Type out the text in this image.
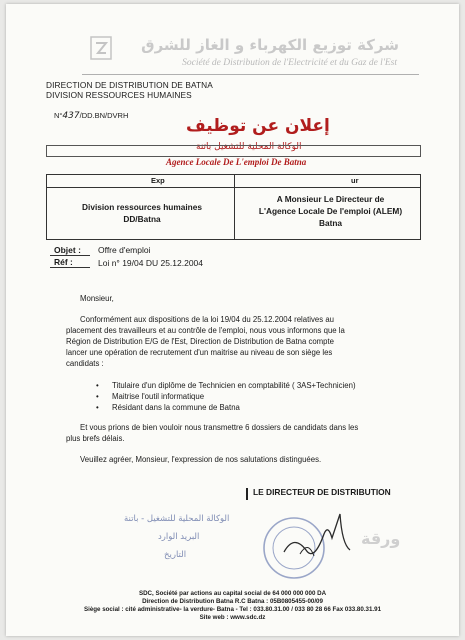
شركة توزيع الكهرباء و الغاز للشرق
Société de Distribution de l'Electricité et du Gaz de l'Est
DIRECTION DE DISTRIBUTION DE BATNA
DIVISION RESSOURCES HUMAINES
N°437/DD.BN/DVRH
إعلان عن توظيف
الوكالة المحلية للتشغيل باتنة
Agence Locale De L'emploi De Batna
Exp	ur
Division ressources humaines
DD/Batna
A Monsieur Le Directeur de
L'Agence Locale De l'emploi (ALEM)
Batna
Objet : Offre d'emploi
Réf :	Loi n° 19/04 DU 25.12.2004
Monsieur,
Conformément aux dispositions de la loi 19/04 du 25.12.2004 relatives au
placement des travailleurs et au contrôle de l'emploi, nous vous informons que la
Région de Distribution E/G de l'Est, Direction de Distribution de Batna compte
lancer une opération de recrutement d'un maitrise au niveau de son siège les
candidats :
• Titulaire d'un diplôme de Technicien en comptabilité ( 3AS+Technicien)
• Maitrise l'outil informatique
• Résidant dans la commune de Batna
Et vous prions de bien vouloir nous transmettre 6 dossiers de candidats dans les
plus brefs délais.
Veuillez agréer, Monsieur, l'expression de nos salutations distinguées.
LE DIRECTEUR DE DISTRIBUTION
الوكالة المحلية للتشغيل - باتنة
البريد الوارد
التاريخ
ورقة
SDC, Société par actions au capital social de 64 000 000 000 DA
Direction de Distribution Batna R.C Batna : 05B0805455-00/09
Siège social : cité administrative- la verdure- Batna - Tel : 033.80.31.00 / 033 80 28 66 Fax 033.80.31.91
Site web : www.sdc.dz
